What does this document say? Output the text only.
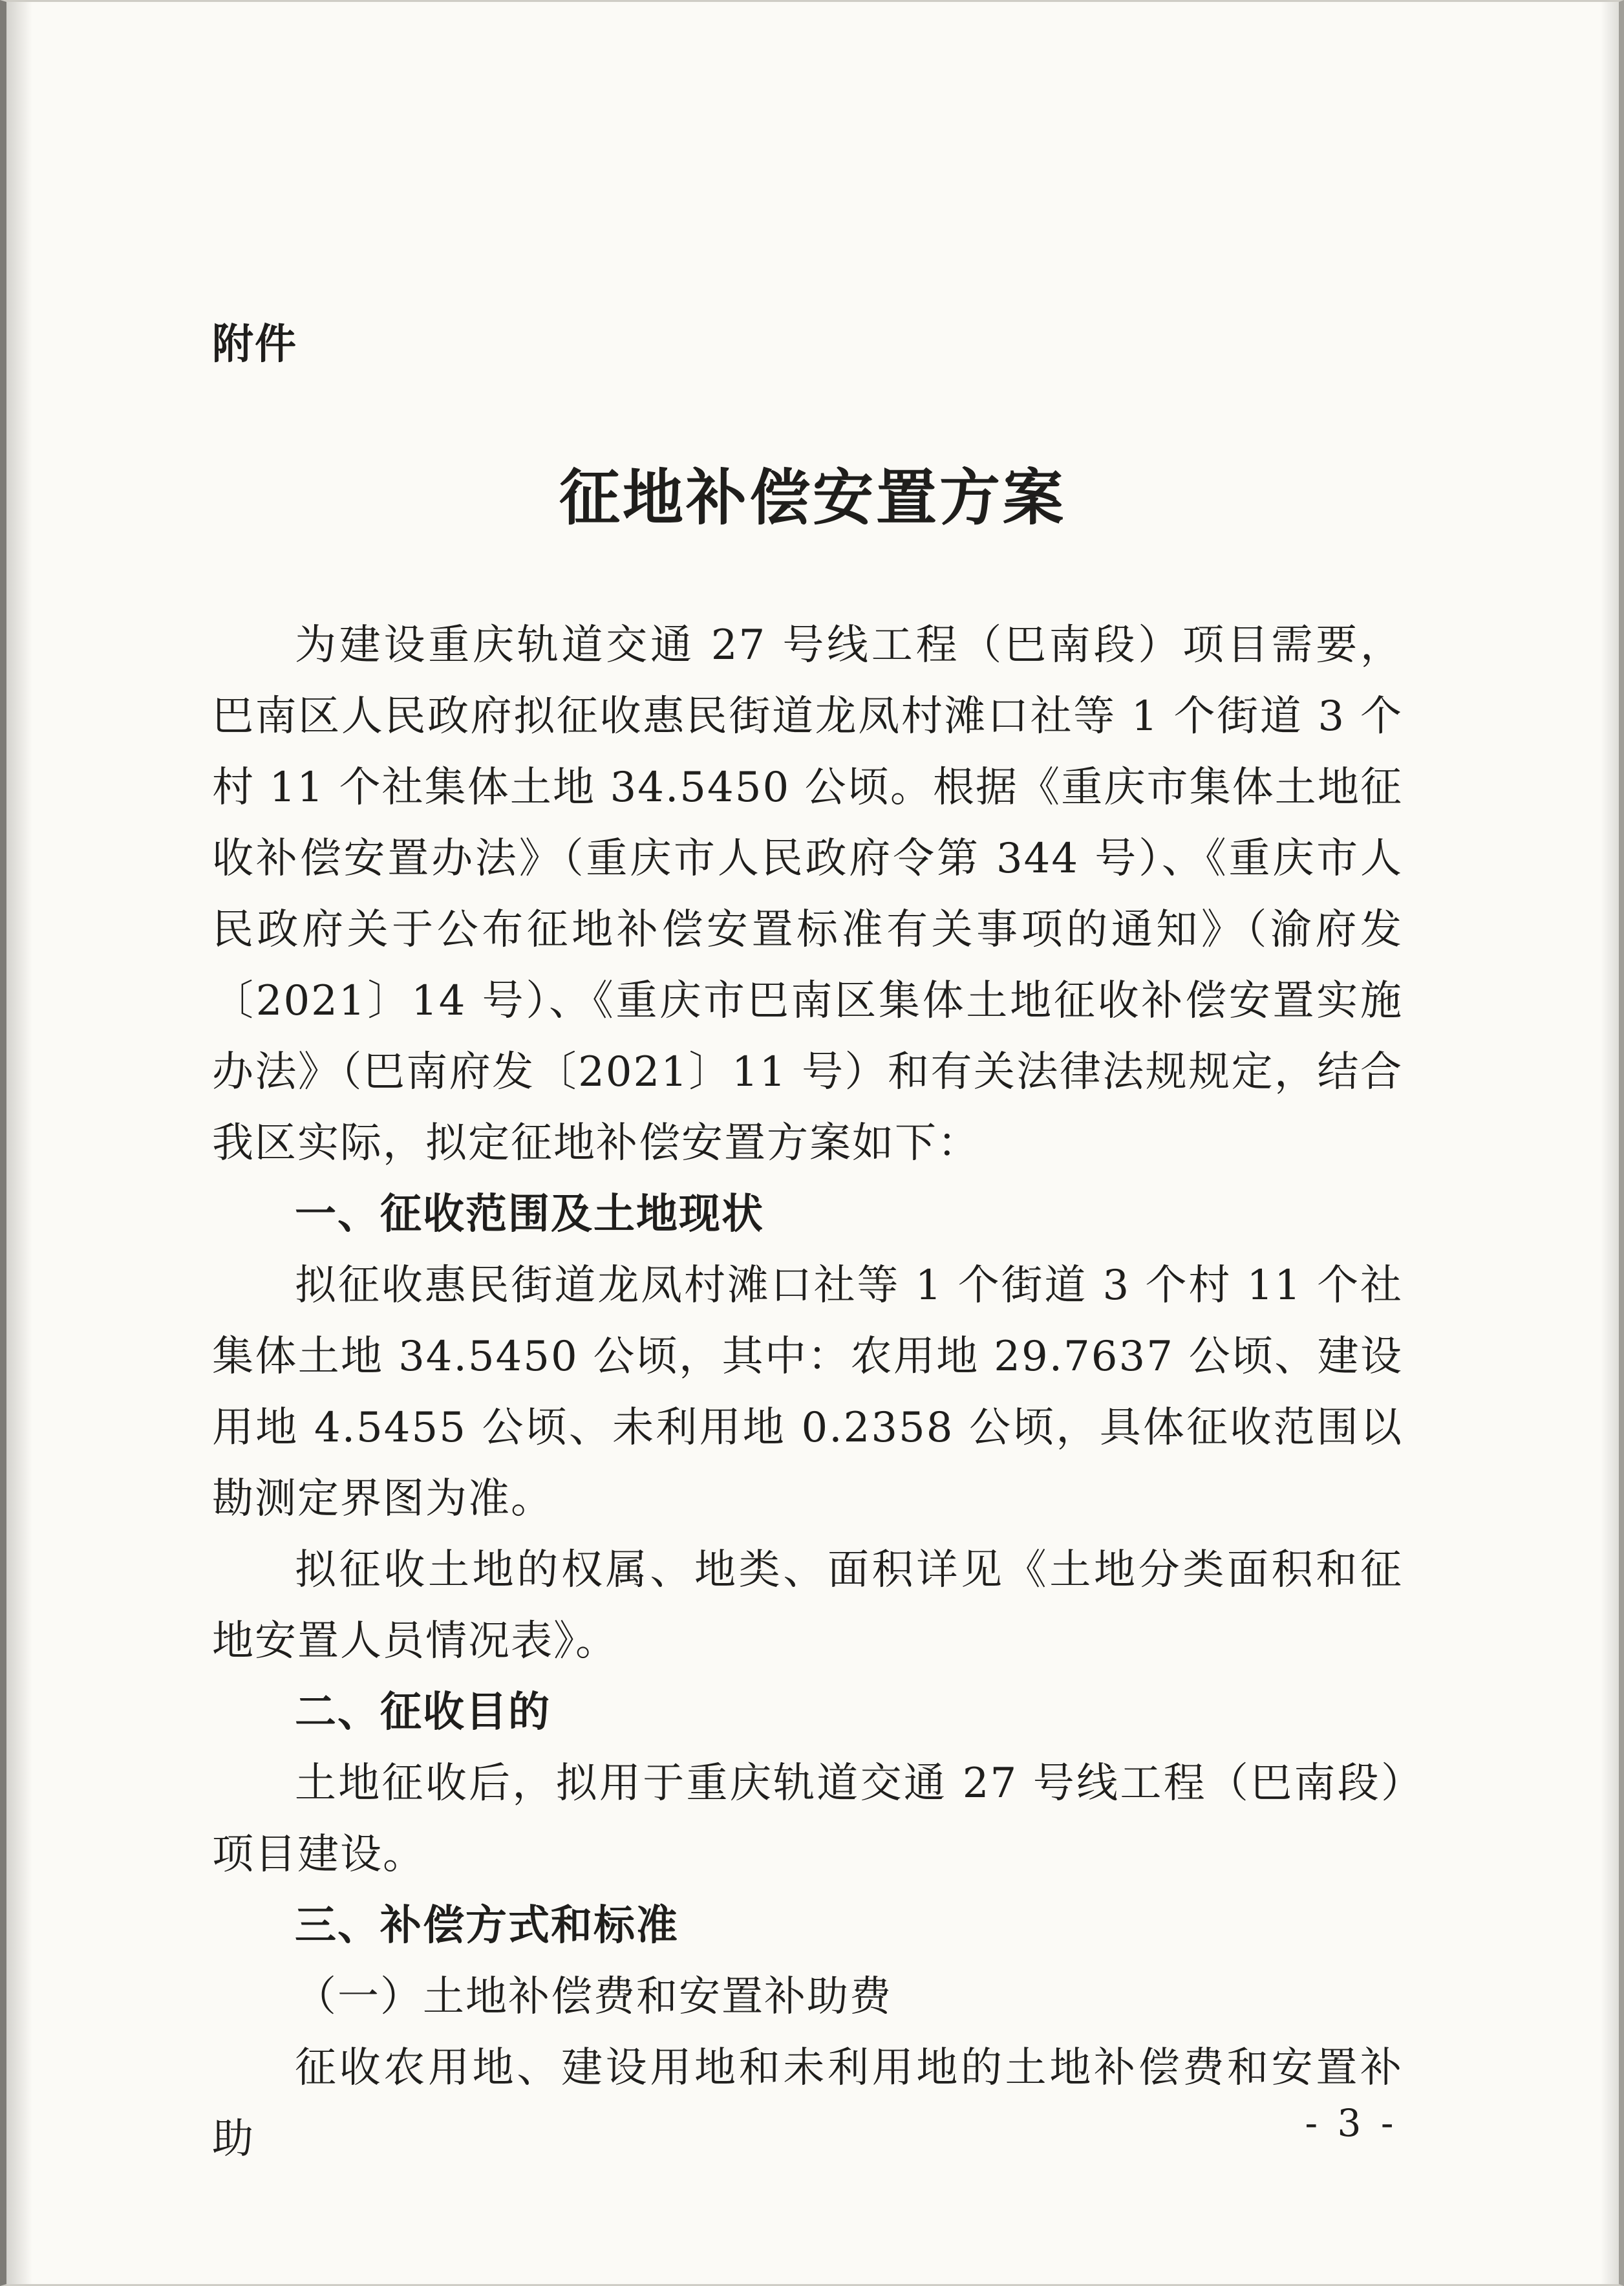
附件
征地补偿安置方案

为建设重庆轨道交通 27 号线工程（巴南段）项目需要，巴南区人民政府拟征收惠民街道龙凤村滩口社等 1 个街道 3 个村 11 个社集体土地 34.5450 公顷。根据《重庆市集体土地征收补偿安置办法》（重庆市人民政府令第 344 号）、《重庆市人民政府关于公布征地补偿安置标准有关事项的通知》（渝府发〔2021〕14 号）、《重庆市巴南区集体土地征收补偿安置实施办法》（巴南府发〔2021〕11 号）和有关法律法规规定，结合我区实际，拟定征地补偿安置方案如下：

一、征收范围及土地现状

拟征收惠民街道龙凤村滩口社等 1 个街道 3 个村 11 个社集体土地 34.5450 公顷，其中：农用地 29.7637 公顷、建设用地 4.5455 公顷、未利用地 0.2358 公顷，具体征收范围以勘测定界图为准。

拟征收土地的权属、地类、面积详见《土地分类面积和征地安置人员情况表》。

二、征收目的

土地征收后，拟用于重庆轨道交通 27 号线工程（巴南段）项目建设。

三、补偿方式和标准

（一）土地补偿费和安置补助费

征收农用地、建设用地和未利用地的土地补偿费和安置补助	- 3 -
